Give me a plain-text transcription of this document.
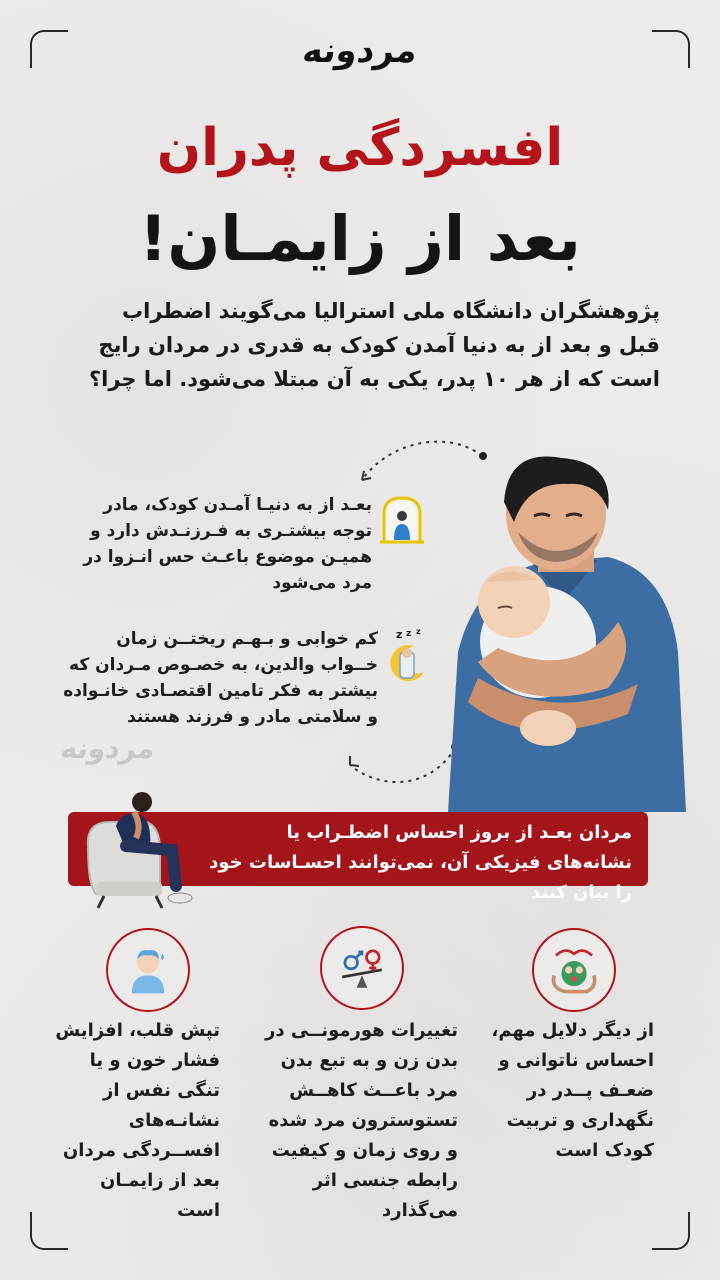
مردونه
افسردگی پدران
بعد از زایمـان!
پژوهشگران دانشگاه ملی استرالیا می‌گویند اضطراب قبل و بعد از به دنیا آمدن کودک به قدری در مردان رایج است که از هر ۱۰ پدر، یکی به آن مبتلا می‌شود. اما چرا؟
بعـد از به دنیـا آمـدن کودک، مادر توجه بیشتـری به فـرزنـدش دارد و همیـن موضوع باعـث حس انـزوا در مرد می‌شود
z z z
کم خوابی و بـهـم ریختــن زمان خــواب والدین، به خصـوص مـردان که بیشتر به فکر تامین اقتصـادی خانـواده و سلامتی مادر و فرزند هستند
مردونه
مردان بعـد از بروز احساس اضطـراب یا نشانه‌های فیزیکی آن، نمی‌توانند احسـاسات خود را بیان کنند
تپش قلب، افزایش فشار خون و یا تنگی نفس از نشانـه‌های افســردگی مردان بعد از زایمـان است
تغییرات هورمونــی در بدن زن و به تبع بدن مرد باعــث کاهــش تستوسترون مرد شده و روی زمان و کیفیت رابطه جنسی اثر می‌گذارد
از دیگر دلایل مهم، احساس ناتوانی و ضعـف پــدر در نگهداری و تربیت کودک است
